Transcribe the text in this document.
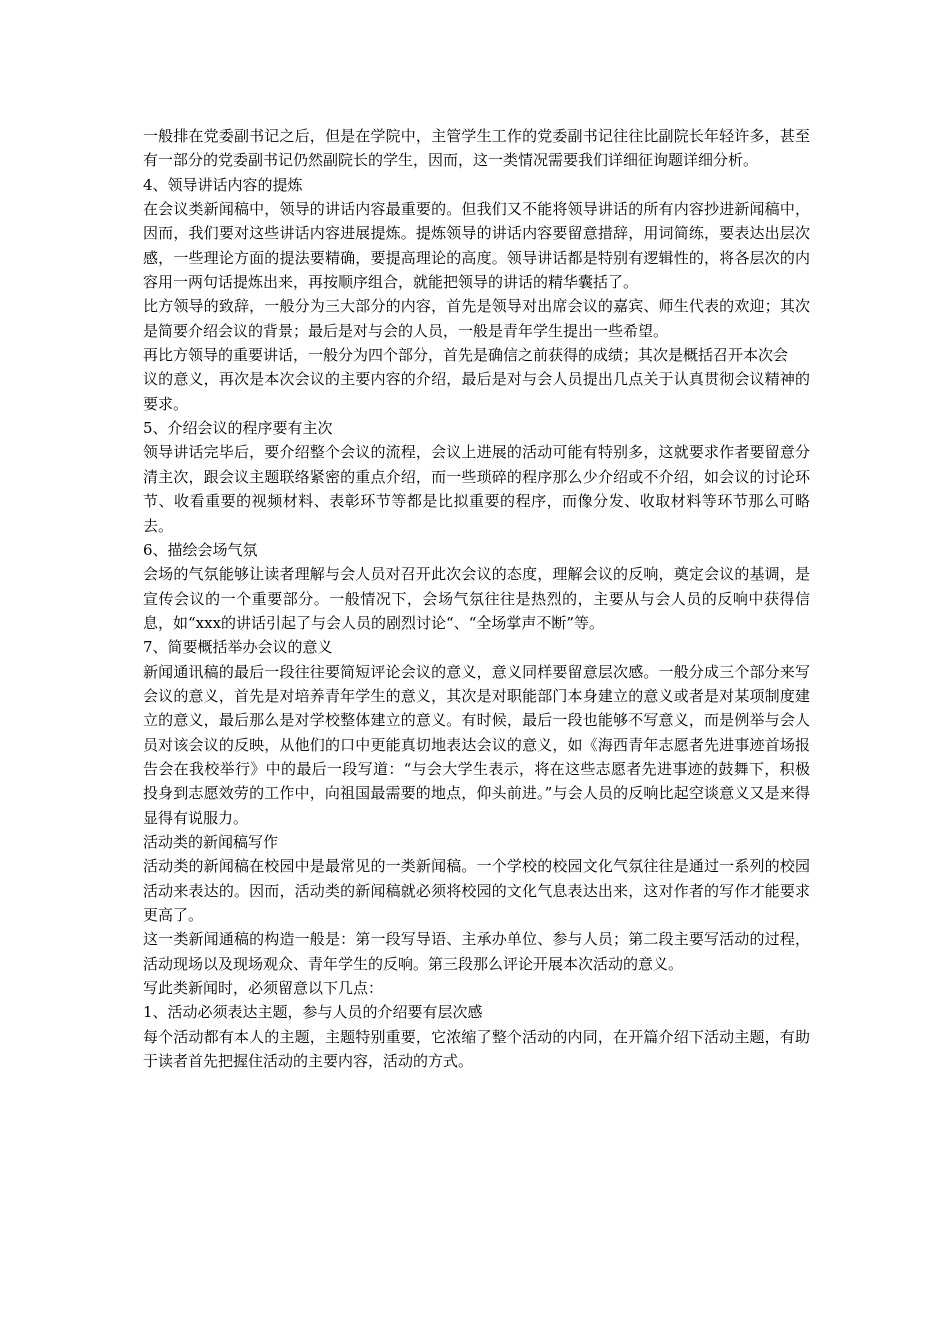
一般排在党委副书记之后，但是在学院中，主管学生工作的党委副书记往往比副院长年轻许多，甚至有一部分的党委副书记仍然副院长的学生，因而，这一类情况需要我们详细征询题详细分析。

4、领导讲话内容的提炼

在会议类新闻稿中，领导的讲话内容最重要的。但我们又不能将领导讲话的所有内容抄进新闻稿中，因而，我们要对这些讲话内容进展提炼。提炼领导的讲话内容要留意措辞，用词简练，要表达出层次感，一些理论方面的提法要精确，要提高理论的高度。领导讲话都是特别有逻辑性的，将各层次的内容用一两句话提炼出来，再按顺序组合，就能把领导的讲话的精华囊括了。

比方领导的致辞，一般分为三大部分的内容，首先是领导对出席会议的嘉宾、师生代表的欢迎；其次是简要介绍会议的背景；最后是对与会的人员，一般是青年学生提出一些希望。

再比方领导的重要讲话，一般分为四个部分，首先是确信之前获得的成绩；其次是概括召开本次会

议的意义，再次是本次会议的主要内容的介绍，最后是对与会人员提出几点关于认真贯彻会议精神的要求。

5、介绍会议的程序要有主次

领导讲话完毕后，要介绍整个会议的流程，会议上进展的活动可能有特别多，这就要求作者要留意分清主次，跟会议主题联络紧密的重点介绍，而一些琐碎的程序那么少介绍或不介绍，如会议的讨论环节、收看重要的视频材料、表彰环节等都是比拟重要的程序，而像分发、收取材料等环节那么可略去。

6、描绘会场气氛

会场的气氛能够让读者理解与会人员对召开此次会议的态度，理解会议的反响，奠定会议的基调，是宣传会议的一个重要部分。一般情况下，会场气氛往往是热烈的，主要从与会人员的反响中获得信息，如“xxx的讲话引起了与会人员的剧烈讨论“、“全场掌声不断”等。

7、简要概括举办会议的意义

新闻通讯稿的最后一段往往要简短评论会议的意义，意义同样要留意层次感。一般分成三个部分来写会议的意义，首先是对培养青年学生的意义，其次是对职能部门本身建立的意义或者是对某项制度建立的意义，最后那么是对学校整体建立的意义。有时候，最后一段也能够不写意义，而是例举与会人员对该会议的反映，从他们的口中更能真切地表达会议的意义，如《海西青年志愿者先进事迹首场报告会在我校举行》中的最后一段写道：“与会大学生表示，将在这些志愿者先进事迹的鼓舞下，积极投身到志愿效劳的工作中，向祖国最需要的地点，仰头前进。”与会人员的反响比起空谈意义又是来得显得有说服力。

活动类的新闻稿写作

活动类的新闻稿在校园中是最常见的一类新闻稿。一个学校的校园文化气氛往往是通过一系列的校园活动来表达的。因而，活动类的新闻稿就必须将校园的文化气息表达出来，这对作者的写作才能要求更高了。

这一类新闻通稿的构造一般是：第一段写导语、主承办单位、参与人员；第二段主要写活动的过程，活动现场以及现场观众、青年学生的反响。第三段那么评论开展本次活动的意义。

写此类新闻时，必须留意以下几点：

1、活动必须表达主题，参与人员的介绍要有层次感

每个活动都有本人的主题，主题特别重要，它浓缩了整个活动的内同，在开篇介绍下活动主题，有助于读者首先把握住活动的主要内容，活动的方式。
